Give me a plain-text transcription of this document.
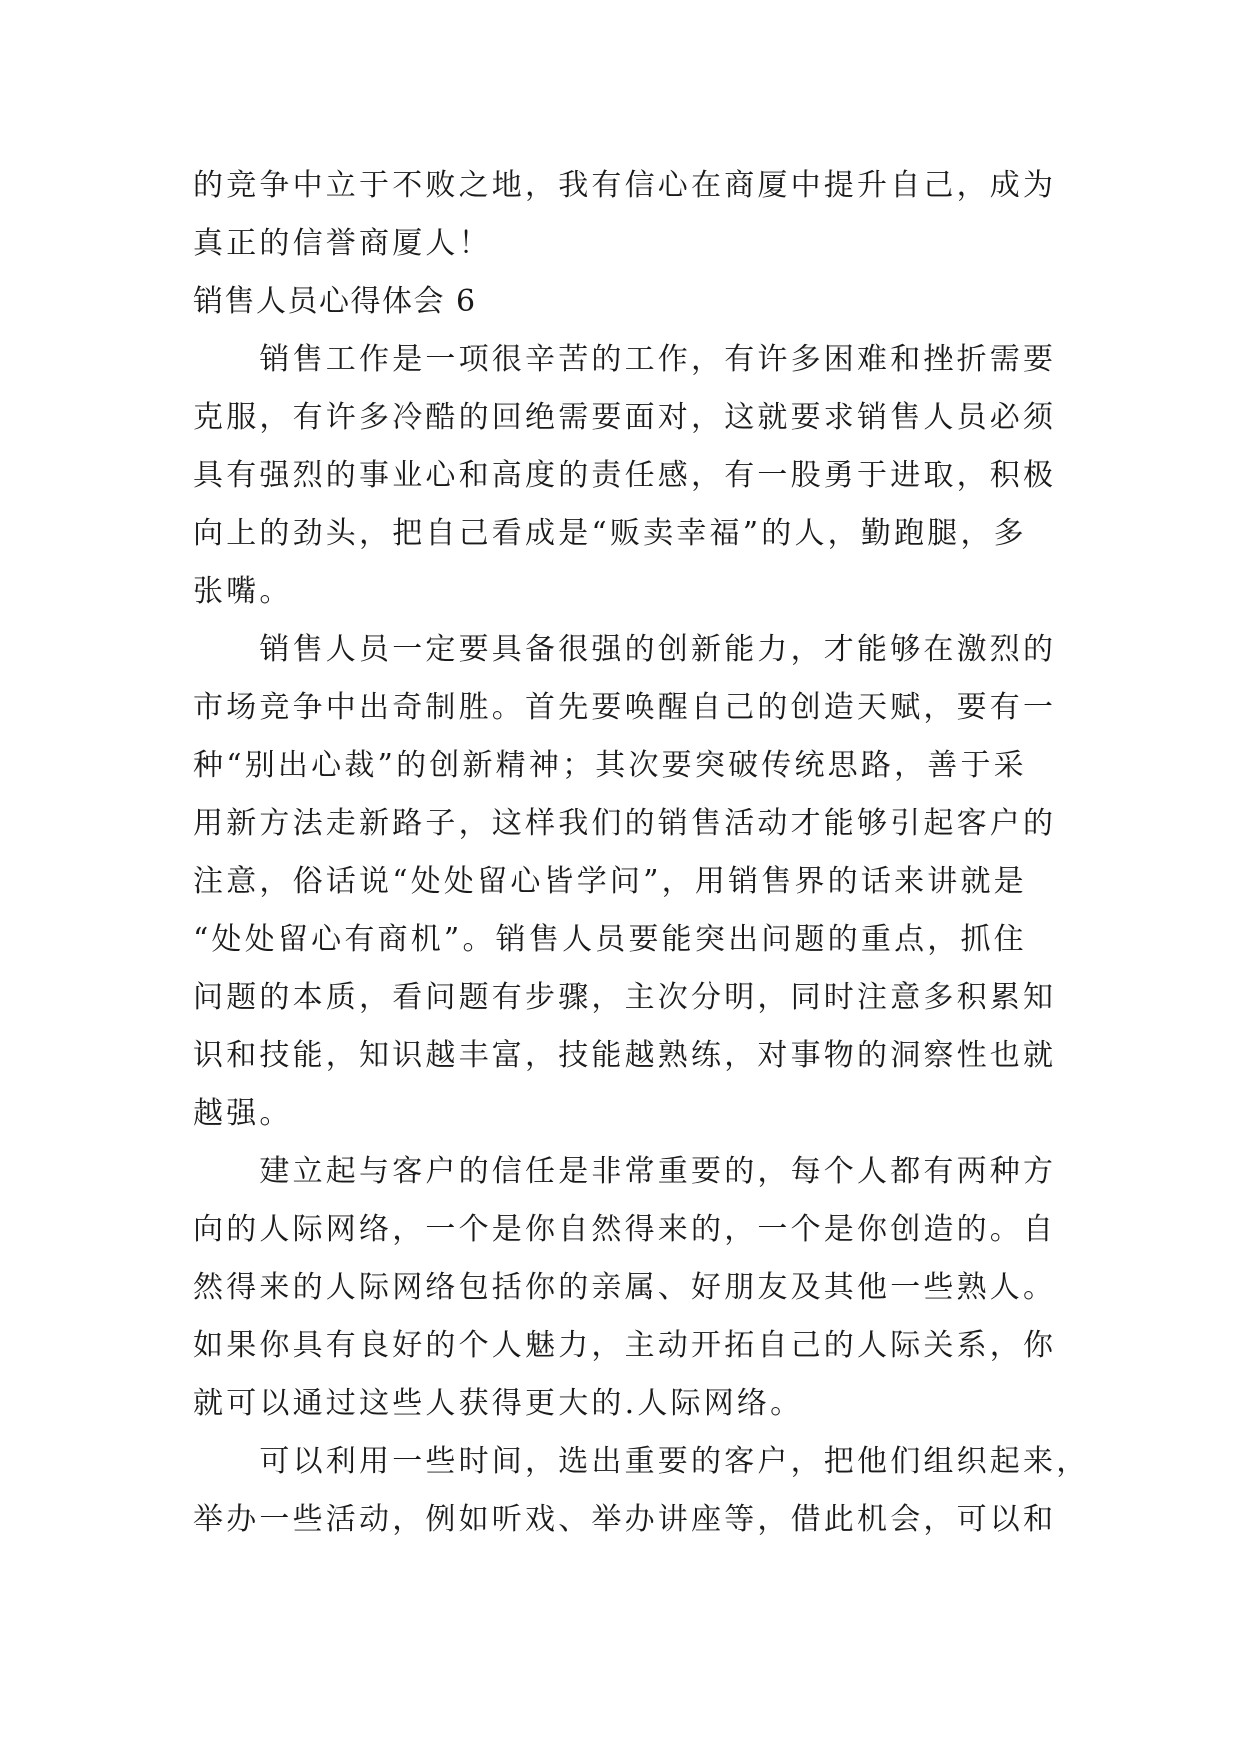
的竞争中立于不败之地，我有信心在商厦中提升自己，成为
真正的信誉商厦人！
销售人员心得体会 6
　　销售工作是一项很辛苦的工作，有许多困难和挫折需要
克服，有许多冷酷的回绝需要面对，这就要求销售人员必须
具有强烈的事业心和高度的责任感，有一股勇于进取，积极
向上的劲头，把自己看成是“贩卖幸福”的人，勤跑腿，多
张嘴。
　　销售人员一定要具备很强的创新能力，才能够在激烈的
市场竞争中出奇制胜。首先要唤醒自己的创造天赋，要有一
种“别出心裁”的创新精神；其次要突破传统思路，善于采
用新方法走新路子，这样我们的销售活动才能够引起客户的
注意，俗话说“处处留心皆学问”，用销售界的话来讲就是
“处处留心有商机”。销售人员要能突出问题的重点，抓住
问题的本质，看问题有步骤，主次分明，同时注意多积累知
识和技能，知识越丰富，技能越熟练，对事物的洞察性也就
越强。
　　建立起与客户的信任是非常重要的，每个人都有两种方
向的人际网络，一个是你自然得来的，一个是你创造的。自
然得来的人际网络包括你的亲属、好朋友及其他一些熟人。
如果你具有良好的个人魅力，主动开拓自己的人际关系，你
就可以通过这些人获得更大的.人际网络。
　　可以利用一些时间，选出重要的客户，把他们组织起来，
举办一些活动，例如听戏、举办讲座等，借此机会，可以和
